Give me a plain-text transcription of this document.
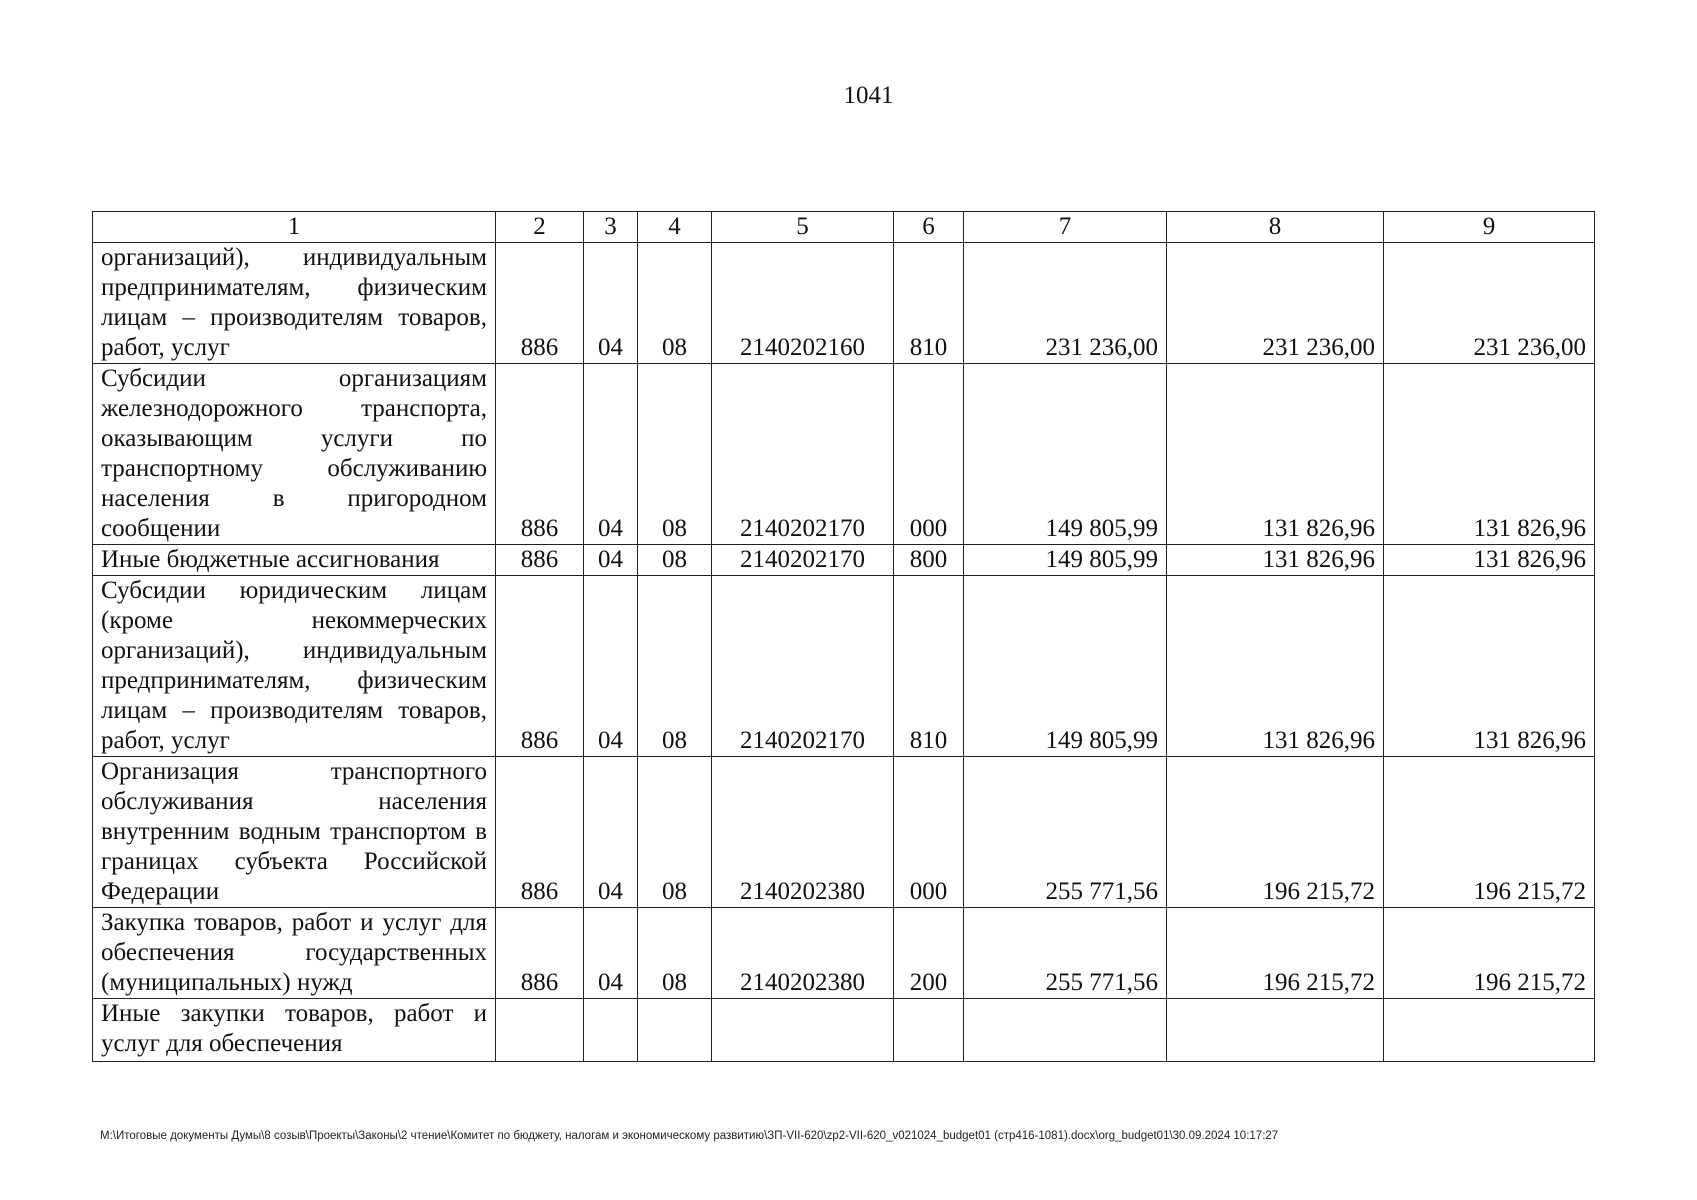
1041
1	2	3	4	5	6	7	8	9
организаций), индивидуальным предпринимателям, физическим лицам – производителям товаров, работ, услуг	886	04	08	2140202160	810	231 236,00	231 236,00	231 236,00
Субсидии организациям железнодорожного транспорта, оказывающим услуги по транспортному обслуживанию населения в пригородном сообщении	886	04	08	2140202170	000	149 805,99	131 826,96	131 826,96
Иные бюджетные ассигнования	886	04	08	2140202170	800	149 805,99	131 826,96	131 826,96
Субсидии юридическим лицам (кроме некоммерческих организаций), индивидуальным предпринимателям, физическим лицам – производителям товаров, работ, услуг	886	04	08	2140202170	810	149 805,99	131 826,96	131 826,96
Организация транспортного обслуживания населения внутренним водным транспортом в границах субъекта Российской Федерации	886	04	08	2140202380	000	255 771,56	196 215,72	196 215,72
Закупка товаров, работ и услуг для обеспечения государственных (муниципальных) нужд	886	04	08	2140202380	200	255 771,56	196 215,72	196 215,72
Иные закупки товаров, работ и услуг для обеспечения								
М:\Итоговые документы Думы\8 созыв\Проекты\Законы\2 чтение\Комитет по бюджету, налогам и экономическому развитию\ЗП-VII-620\zp2-VII-620_v021024_budget01 (стр416-1081).docx\org_budget01\30.09.2024 10:17:27
